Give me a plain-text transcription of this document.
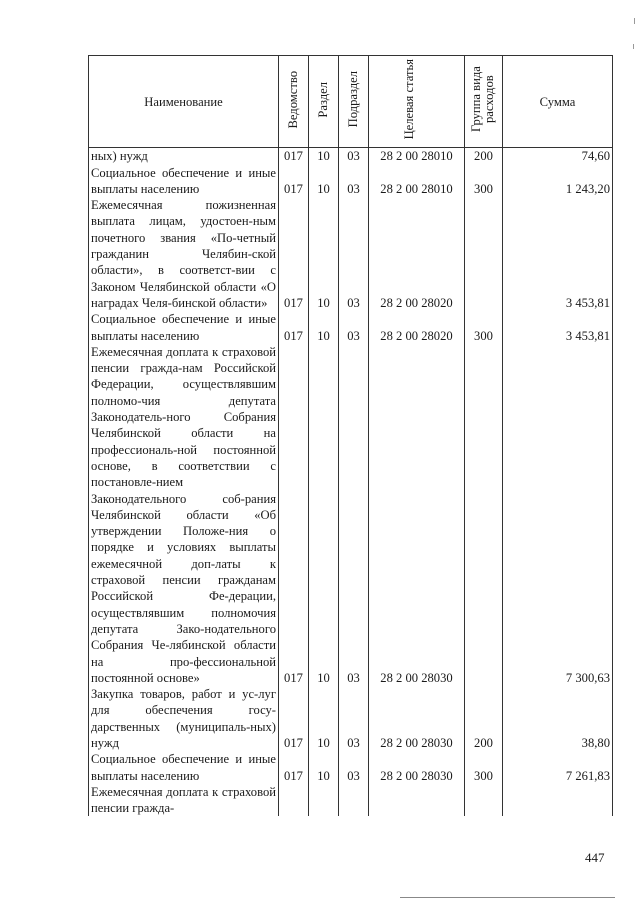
Наименование	Ведомство	Раздел	Подраздел	Целевая статья	Группа вида расходов	Сумма
ных) нужд	017	10	03	28 2 00 28010	200	74,60
Социальное обеспечение и иные выплаты населению	017	10	03	28 2 00 28010	300	1 243,20
Ежемесячная пожизненная выплата лицам, удостоен-ным почетного звания «По-четный гражданин Челябин-ской области», в соответст-вии с Законом Челябинской области «О наградах Челя-бинской области»	017	10	03	28 2 00 28020		3 453,81
Социальное обеспечение и иные выплаты населению	017	10	03	28 2 00 28020	300	3 453,81
Ежемесячная доплата к страховой пенсии гражда-нам Российской Федерации, осуществлявшим полномо-чия депутата Законодатель-ного Собрания Челябинской области на профессиональ-ной постоянной основе, в соответствии с постановле-нием Законодательного соб-рания Челябинской области «Об утверждении Положе-ния о порядке и условиях выплаты ежемесячной доп-латы к страховой пенсии гражданам Российской Фе-дерации, осуществлявшим полномочия депутата Зако-нодательного Собрания Че-лябинской области на про-фессиональной постоянной основе»	017	10	03	28 2 00 28030		7 300,63
Закупка товаров, работ и ус-луг для обеспечения госу-дарственных (муниципаль-ных) нужд	017	10	03	28 2 00 28030	200	38,80
Социальное обеспечение и иные выплаты населению	017	10	03	28 2 00 28030	300	7 261,83
Ежемесячная доплата к страховой пенсии гражда-						
447
